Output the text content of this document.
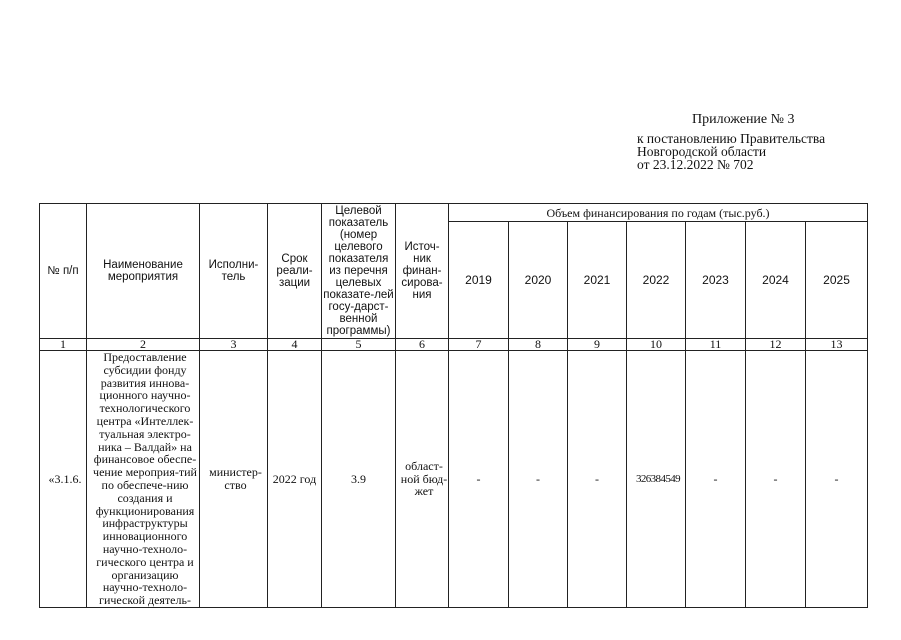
Приложение № 3
к постановлению Правительства
Новгородской области
от 23.12.2022 № 702
№ п/п	Наименование мероприятия	Исполни-тель	Срок реали-зации	Целевой показатель (номер целевого показателя из перечня целевых показате-лей госу-дарст-венной программы)	Источ-ник финан-сирова-ния	Объем финансирования по годам (тыс.руб.)						
						2019	2020	2021	2022	2023	2024	2025
1	2	3	4	5	6	7	8	9	10	11	12	13
«3.1.6.	Предоставление субсидии фонду развития иннова-ционного научно-технологического центра «Интеллек-туальная электро-ника – Валдай» на финансовое обеспе-чение мероприя-тий по обеспече-нию создания и функционирования инфраструктуры инновационного научно-техноло-гического центра и организацию научно-техноло-гической деятель-	министер-ство	2022 год	3.9	област-ной бюд-жет	-	-	-	326384549	-	-	-
